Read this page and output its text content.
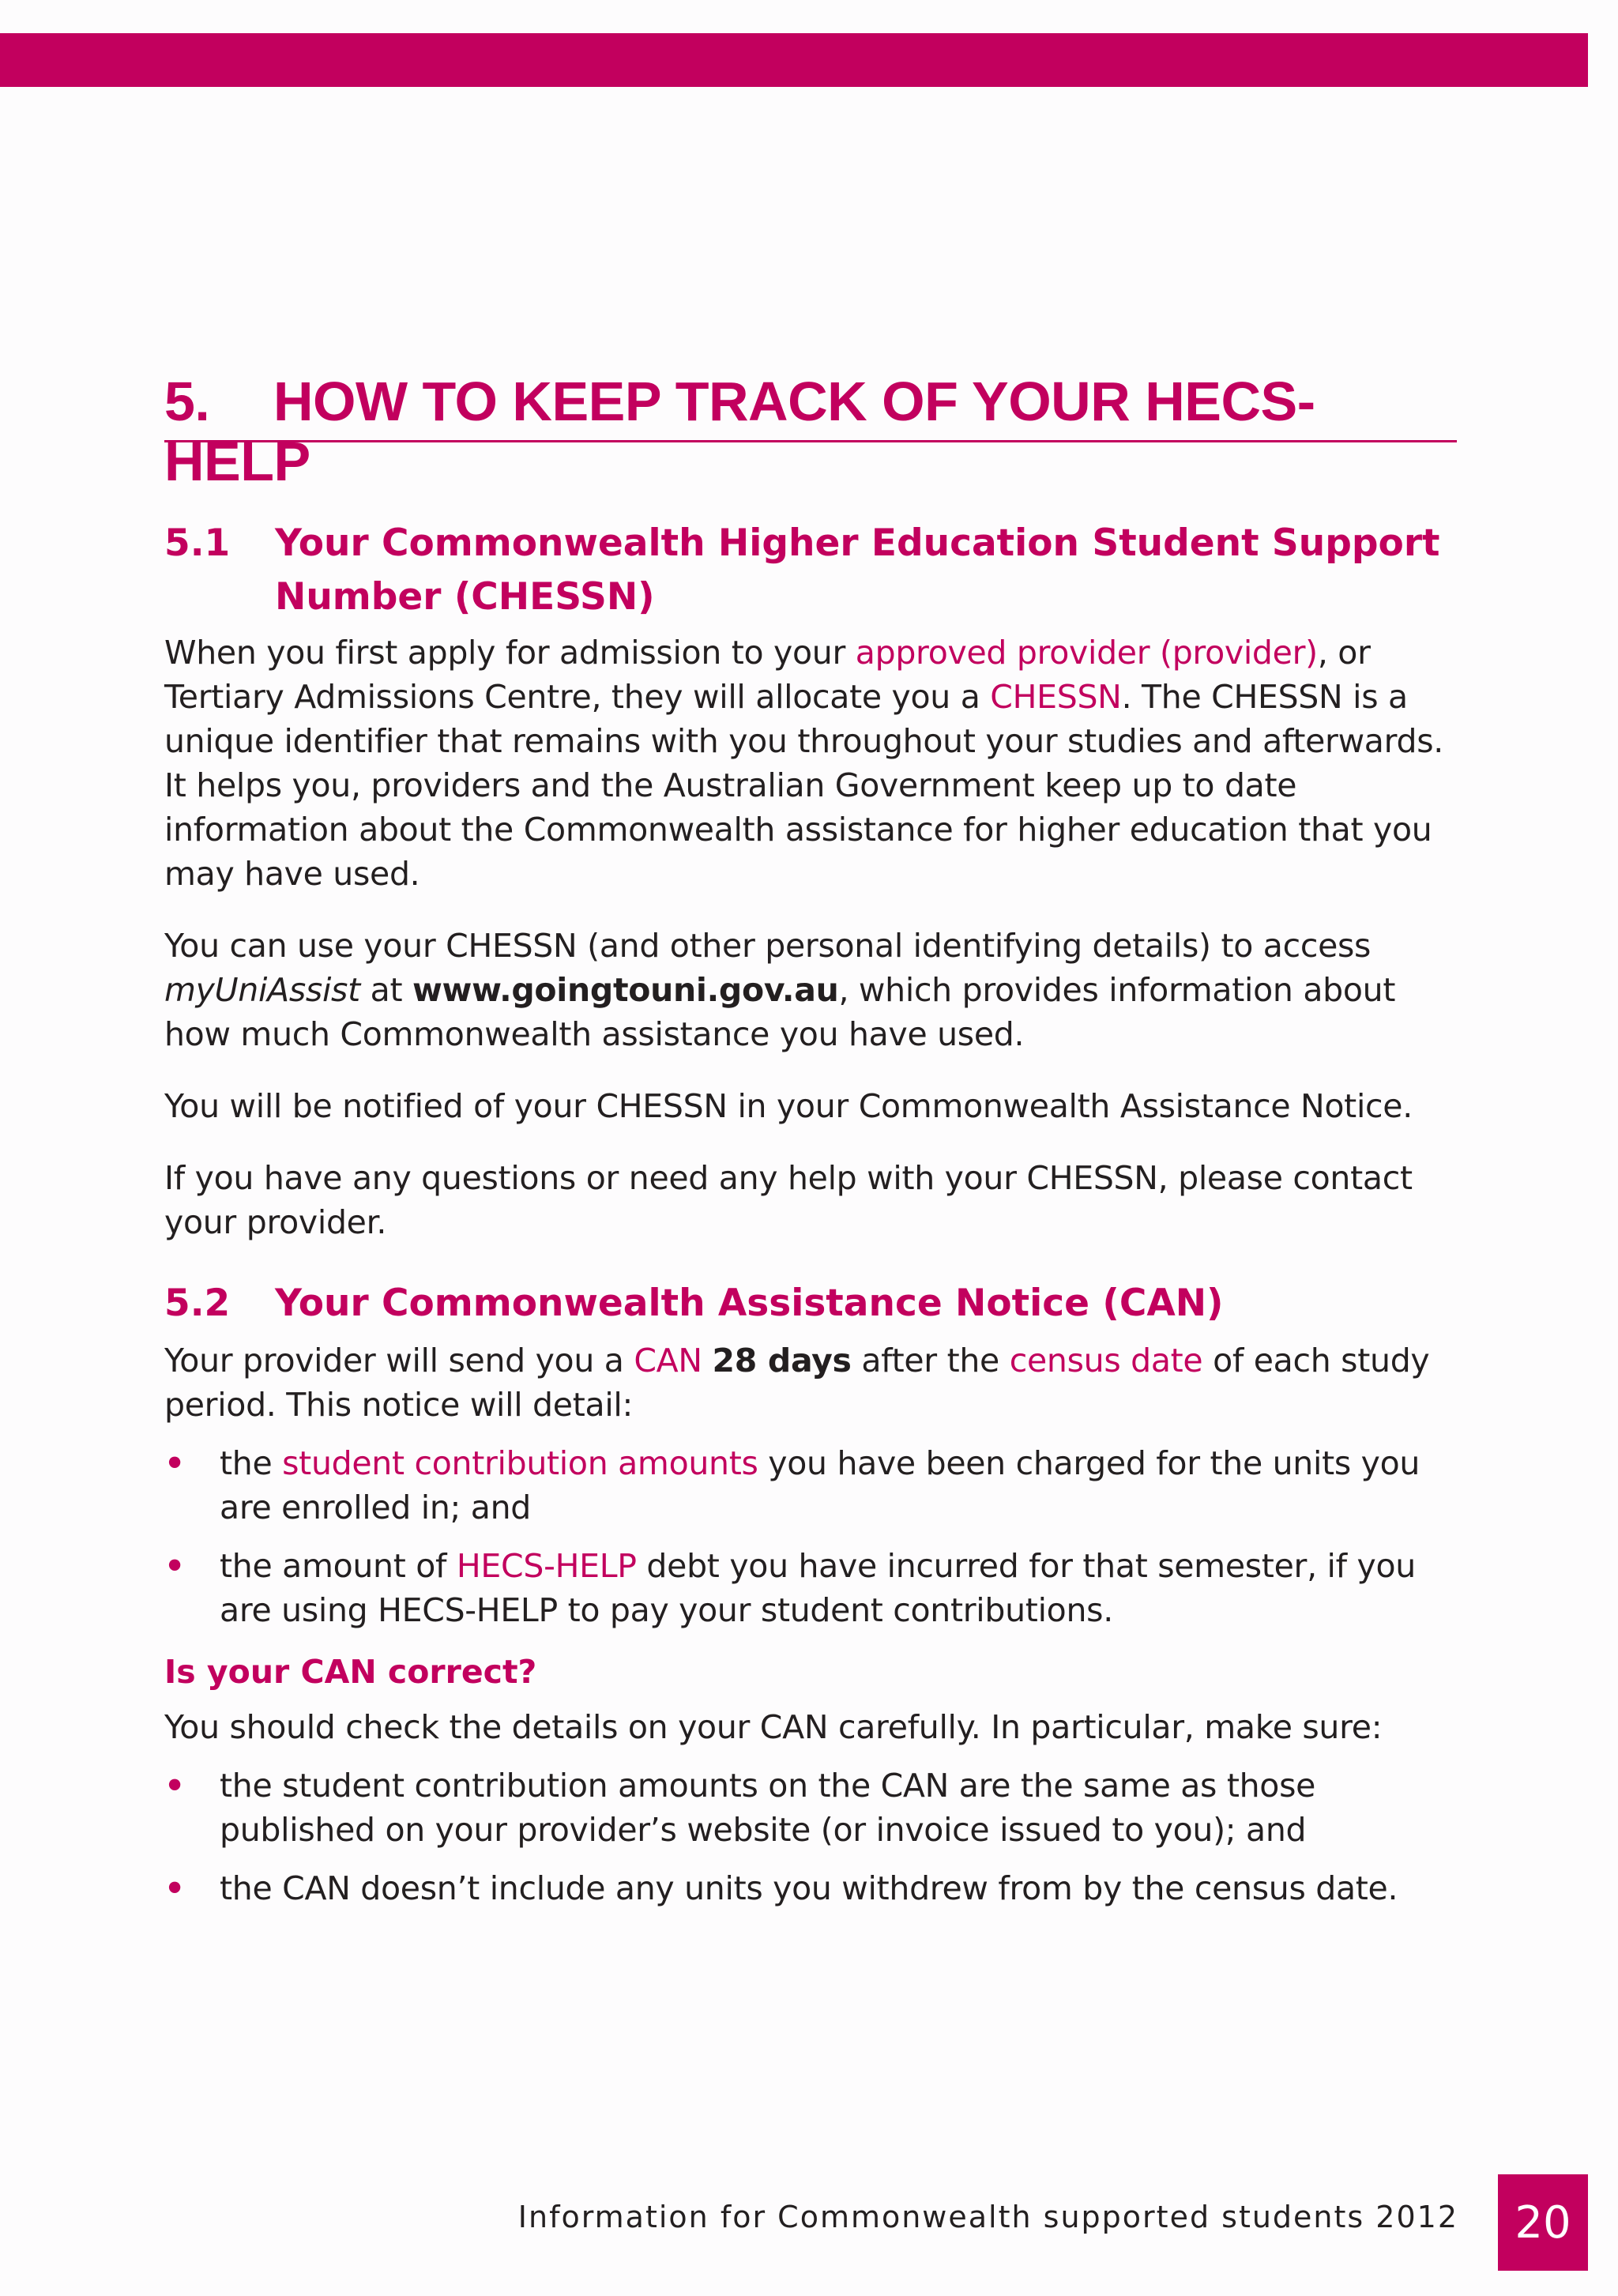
5. HOW TO KEEP TRACK OF YOUR HECS-HELP
5.1 Your Commonwealth Higher Education Student Support
Number (CHESSN)

When you first apply for admission to your approved provider (provider), or Tertiary Admissions Centre, they will allocate you a CHESSN. The CHESSN is a unique identifier that remains with you throughout your studies and afterwards. It helps you, providers and the Australian Government keep up to date information about the Commonwealth assistance for higher education that you may have used.

You can use your CHESSN (and other personal identifying details) to access myUniAssist at www.goingtouni.gov.au, which provides information about how much Commonwealth assistance you have used.

You will be notified of your CHESSN in your Commonwealth Assistance Notice.

If you have any questions or need any help with your CHESSN, please contact your provider.

5.2 Your Commonwealth Assistance Notice (CAN)

Your provider will send you a CAN 28 days after the census date of each study period. This notice will detail:

• the student contribution amounts you have been charged for the units you are enrolled in; and
• the amount of HECS-HELP debt you have incurred for that semester, if you are using HECS-HELP to pay your student contributions.
Is your CAN correct?

You should check the details on your CAN carefully. In particular, make sure:

• the student contribution amounts on the CAN are the same as those published on your provider’s website (or invoice issued to you); and
• the CAN doesn’t include any units you withdrew from by the census date.
Information for Commonwealth supported students 2012	20
